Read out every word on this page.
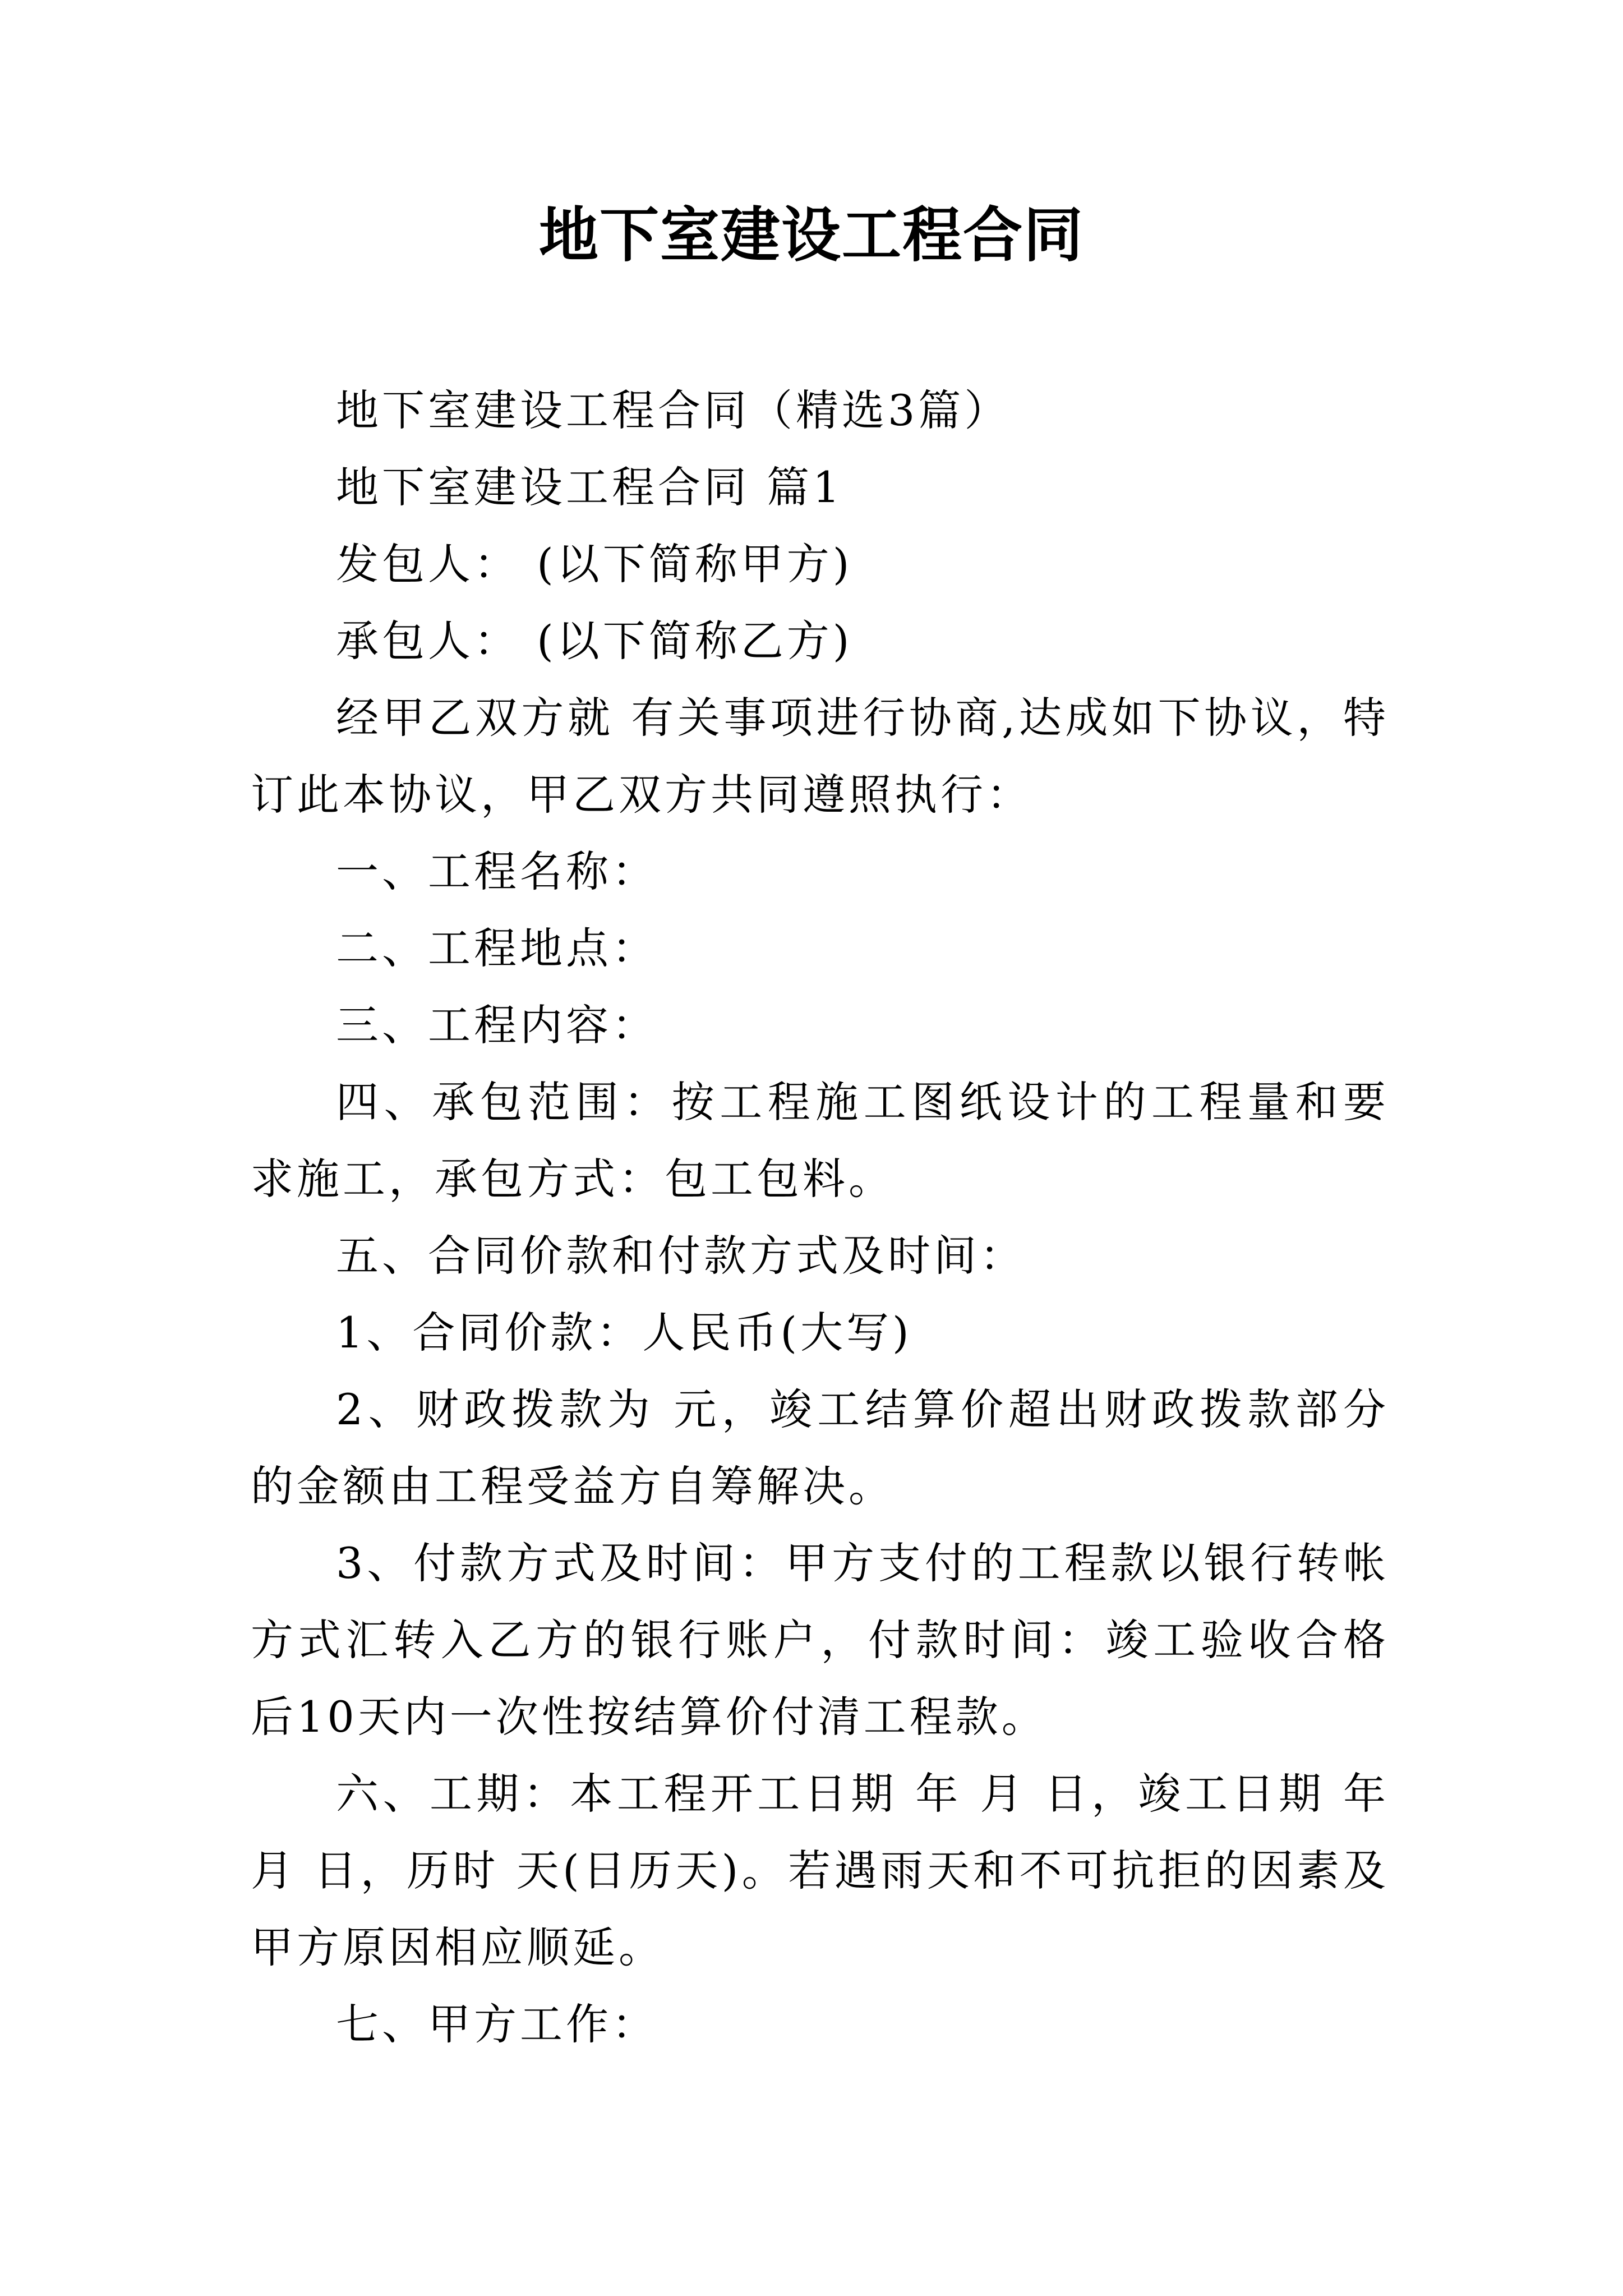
地下室建设工程合同

地下室建设工程合同（精选3篇）

地下室建设工程合同 篇1

发包人： (以下简称甲方)

承包人： (以下简称乙方)

经甲乙双方就 有关事项进行协商,达成如下协议，特订此本协议，甲乙双方共同遵照执行：

一、工程名称：

二、工程地点：

三、工程内容：

四、承包范围：按工程施工图纸设计的工程量和要求施工，承包方式：包工包料。

五、合同价款和付款方式及时间：

1、合同价款：人民币(大写)

2、财政拨款为 元，竣工结算价超出财政拨款部分的金额由工程受益方自筹解决。

3、付款方式及时间：甲方支付的工程款以银行转帐方式汇转入乙方的银行账户，付款时间：竣工验收合格后10天内一次性按结算价付清工程款。

六、工期：本工程开工日期 年 月 日，竣工日期 年 月 日，历时 天(日历天)。若遇雨天和不可抗拒的因素及甲方原因相应顺延。

七、甲方工作：
